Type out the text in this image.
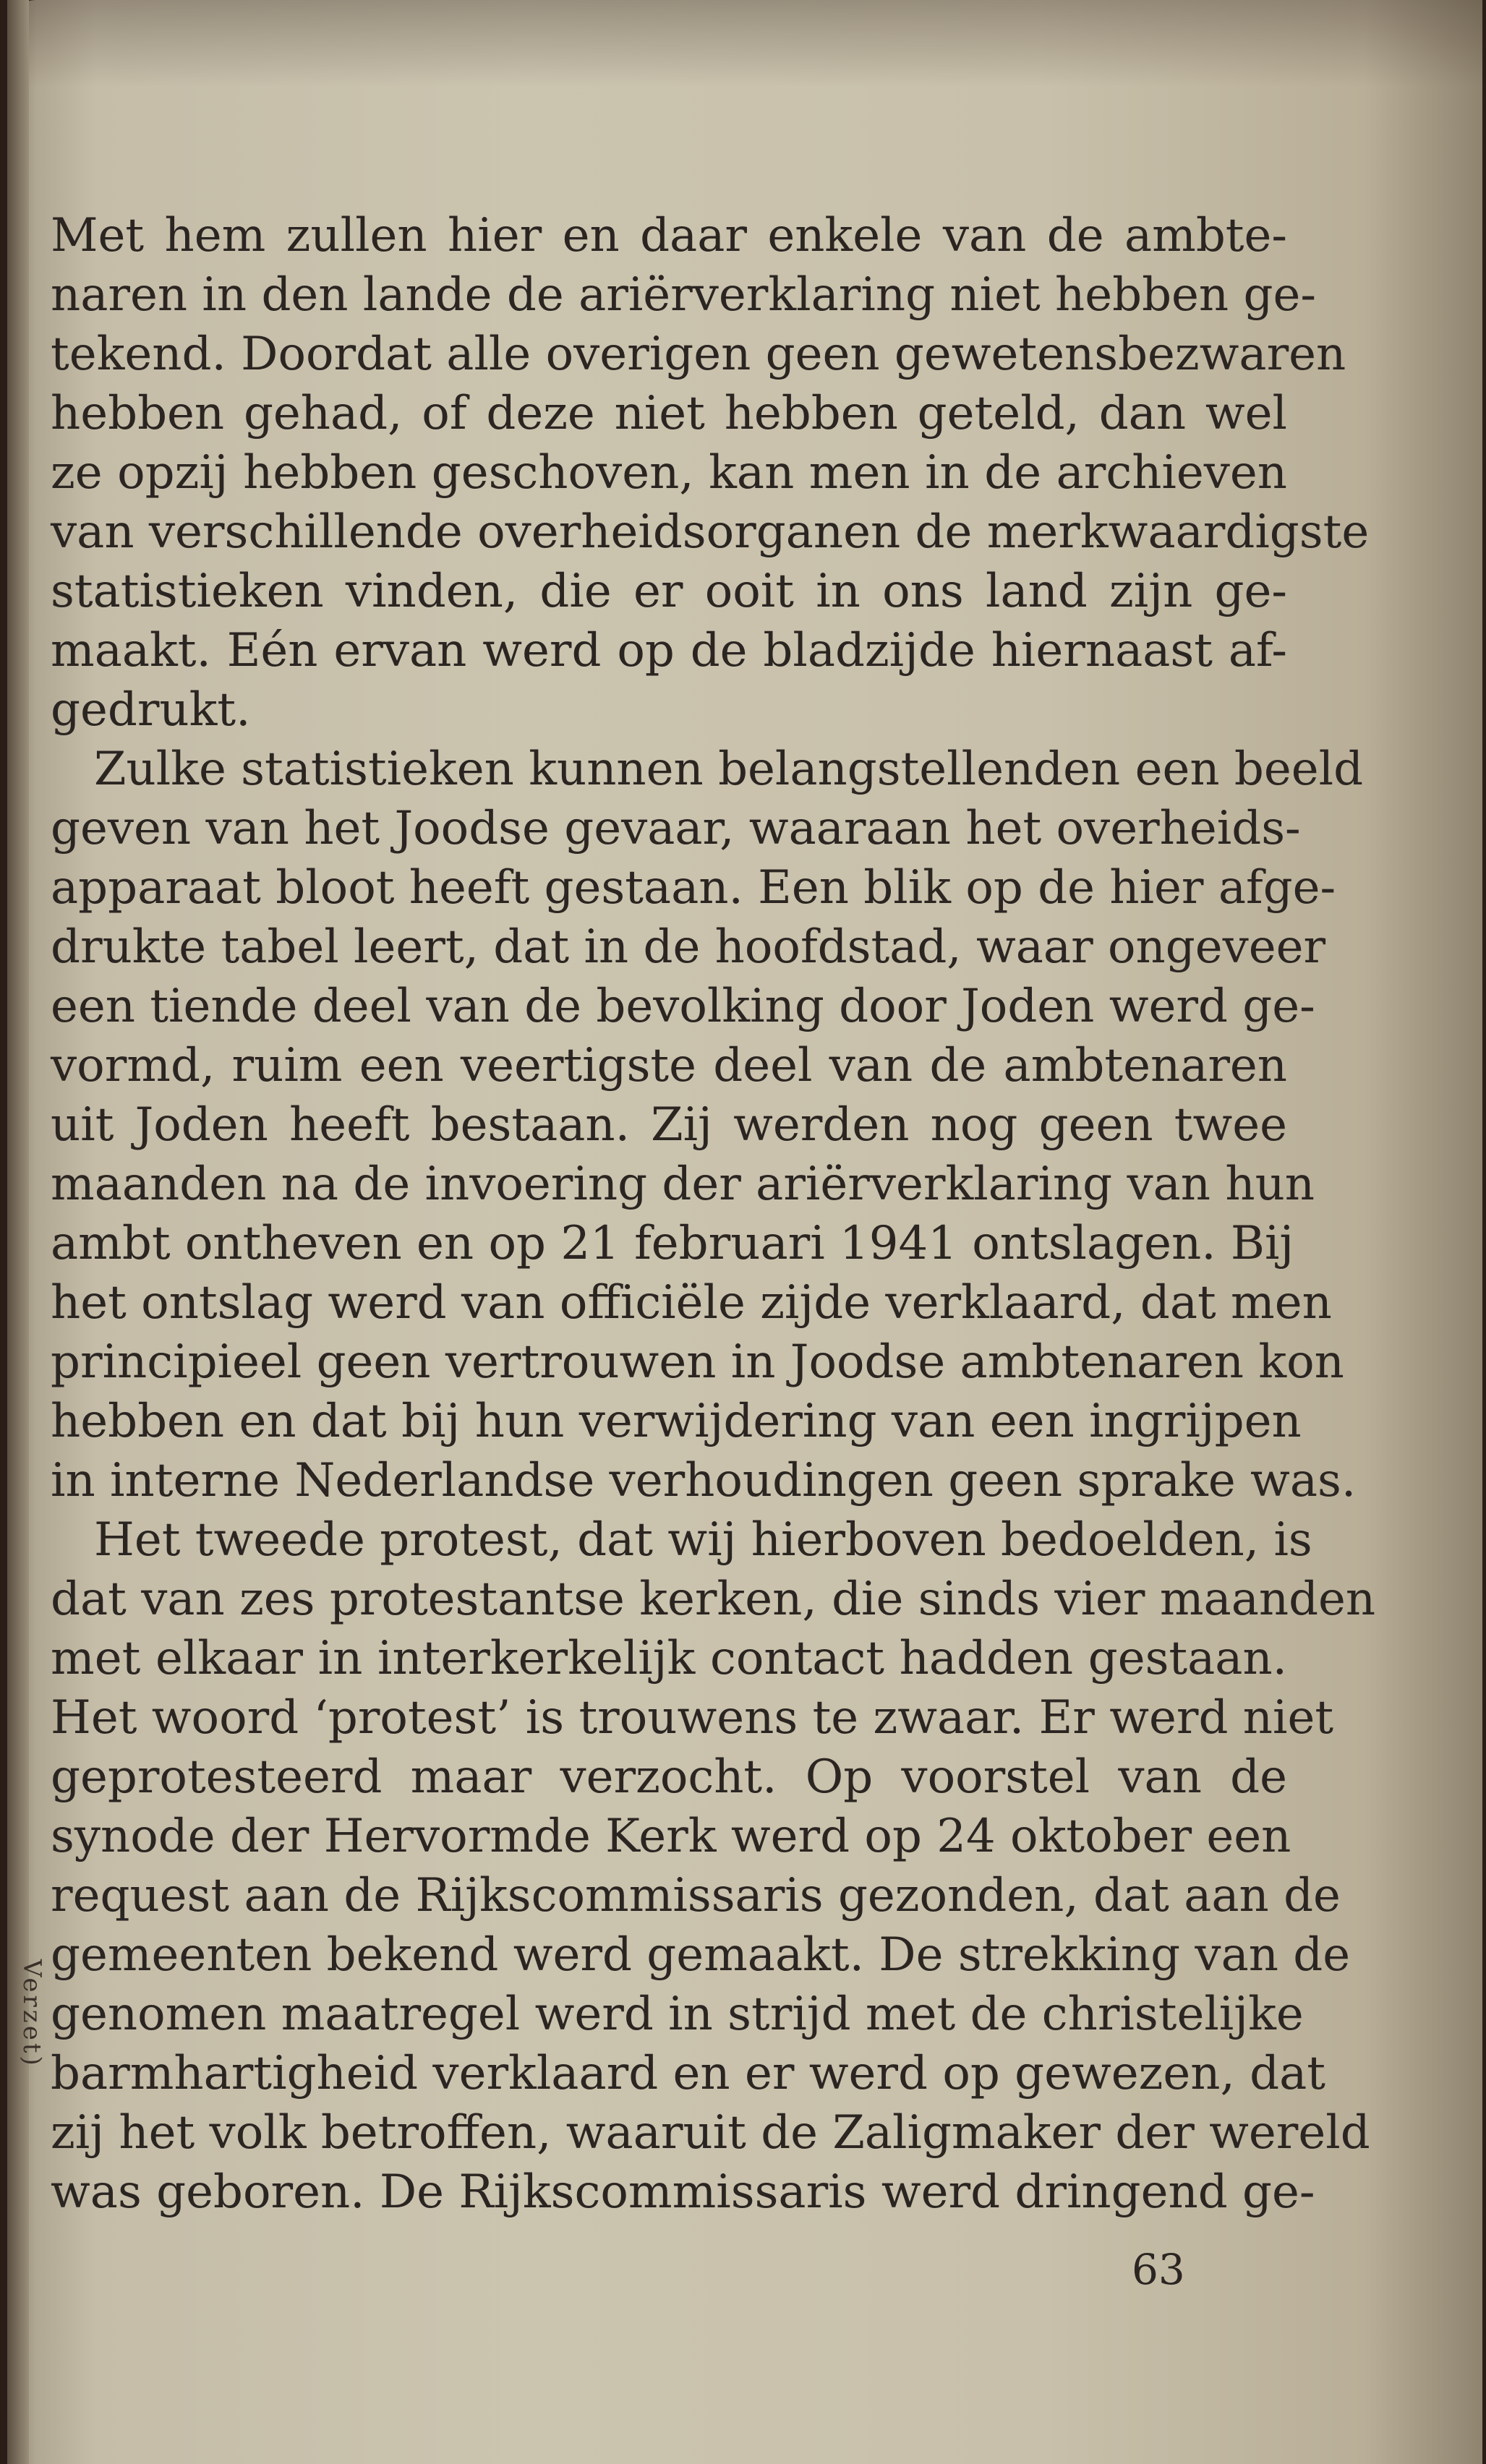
Verzet)
Met hem zullen hier en daar enkele van de ambte-
naren in den lande de ariërverklaring niet hebben ge-
tekend. Doordat alle overigen geen gewetensbezwaren
hebben gehad, of deze niet hebben geteld, dan wel
ze opzij hebben geschoven, kan men in de archieven
van verschillende overheidsorganen de merkwaardigste
statistieken vinden, die er ooit in ons land zijn ge-
maakt. Eén ervan werd op de bladzijde hiernaast af-
gedrukt.
Zulke statistieken kunnen belangstellenden een beeld
geven van het Joodse gevaar, waaraan het overheids-
apparaat bloot heeft gestaan. Een blik op de hier afge-
drukte tabel leert, dat in de hoofdstad, waar ongeveer
een tiende deel van de bevolking door Joden werd ge-
vormd, ruim een veertigste deel van de ambtenaren
uit Joden heeft bestaan. Zij werden nog geen twee
maanden na de invoering der ariërverklaring van hun
ambt ontheven en op 21 februari 1941 ontslagen. Bij
het ontslag werd van officiële zijde verklaard, dat men
principieel geen vertrouwen in Joodse ambtenaren kon
hebben en dat bij hun verwijdering van een ingrijpen
in interne Nederlandse verhoudingen geen sprake was.
Het tweede protest, dat wij hierboven bedoelden, is
dat van zes protestantse kerken, die sinds vier maanden
met elkaar in interkerkelijk contact hadden gestaan.
Het woord ‘protest’ is trouwens te zwaar. Er werd niet
geprotesteerd maar verzocht. Op voorstel van de
synode der Hervormde Kerk werd op 24 oktober een
request aan de Rijkscommissaris gezonden, dat aan de
gemeenten bekend werd gemaakt. De strekking van de
genomen maatregel werd in strijd met de christelijke
barmhartigheid verklaard en er werd op gewezen, dat
zij het volk betroffen, waaruit de Zaligmaker der wereld
was geboren. De Rijkscommissaris werd dringend ge-
63
